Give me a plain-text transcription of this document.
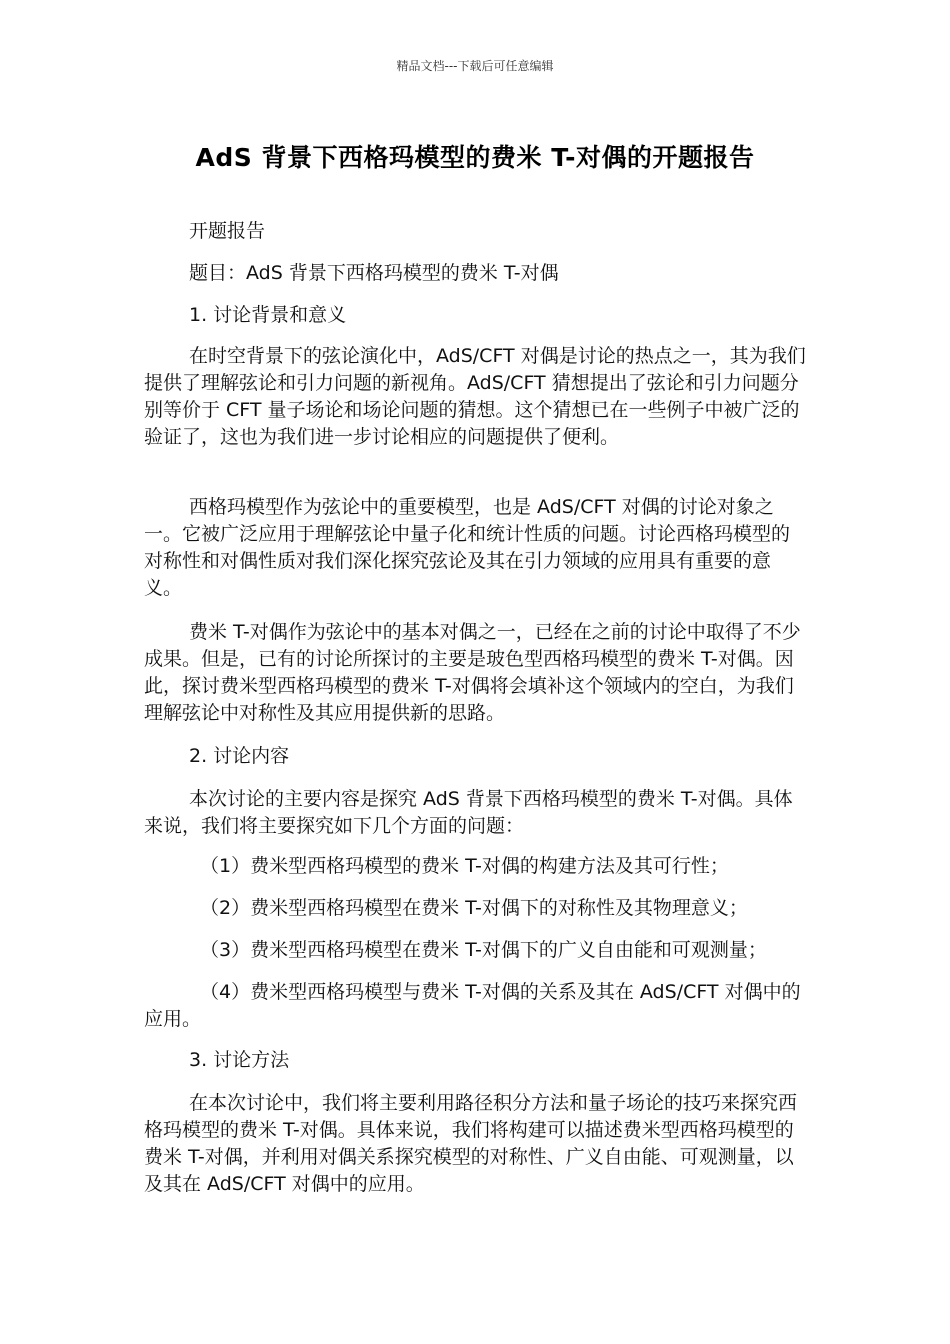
精品文档---下载后可任意编辑
AdS 背景下西格玛模型的费米 T-对偶的开题报告

开题报告

题目：AdS 背景下西格玛模型的费米 T-对偶

1. 讨论背景和意义

在时空背景下的弦论演化中，AdS/CFT 对偶是讨论的热点之一，其为我们提供了理解弦论和引力问题的新视角。AdS/CFT 猜想提出了弦论和引力问题分别等价于 CFT 量子场论和场论问题的猜想。这个猜想已在一些例子中被广泛的验证了，这也为我们进一步讨论相应的问题提供了便利。

西格玛模型作为弦论中的重要模型，也是 AdS/CFT 对偶的讨论对象之一。它被广泛应用于理解弦论中量子化和统计性质的问题。讨论西格玛模型的对称性和对偶性质对我们深化探究弦论及其在引力领域的应用具有重要的意义。

费米 T-对偶作为弦论中的基本对偶之一，已经在之前的讨论中取得了不少成果。但是，已有的讨论所探讨的主要是玻色型西格玛模型的费米 T-对偶。因此，探讨费米型西格玛模型的费米 T-对偶将会填补这个领域内的空白，为我们理解弦论中对称性及其应用提供新的思路。

2. 讨论内容

本次讨论的主要内容是探究 AdS 背景下西格玛模型的费米 T-对偶。具体来说，我们将主要探究如下几个方面的问题：

（1）费米型西格玛模型的费米 T-对偶的构建方法及其可行性；

（2）费米型西格玛模型在费米 T-对偶下的对称性及其物理意义；

（3）费米型西格玛模型在费米 T-对偶下的广义自由能和可观测量；

（4）费米型西格玛模型与费米 T-对偶的关系及其在 AdS/CFT 对偶中的应用。

3. 讨论方法

在本次讨论中，我们将主要利用路径积分方法和量子场论的技巧来探究西格玛模型的费米 T-对偶。具体来说，我们将构建可以描述费米型西格玛模型的费米 T-对偶，并利用对偶关系探究模型的对称性、广义自由能、可观测量，以及其在 AdS/CFT 对偶中的应用。
